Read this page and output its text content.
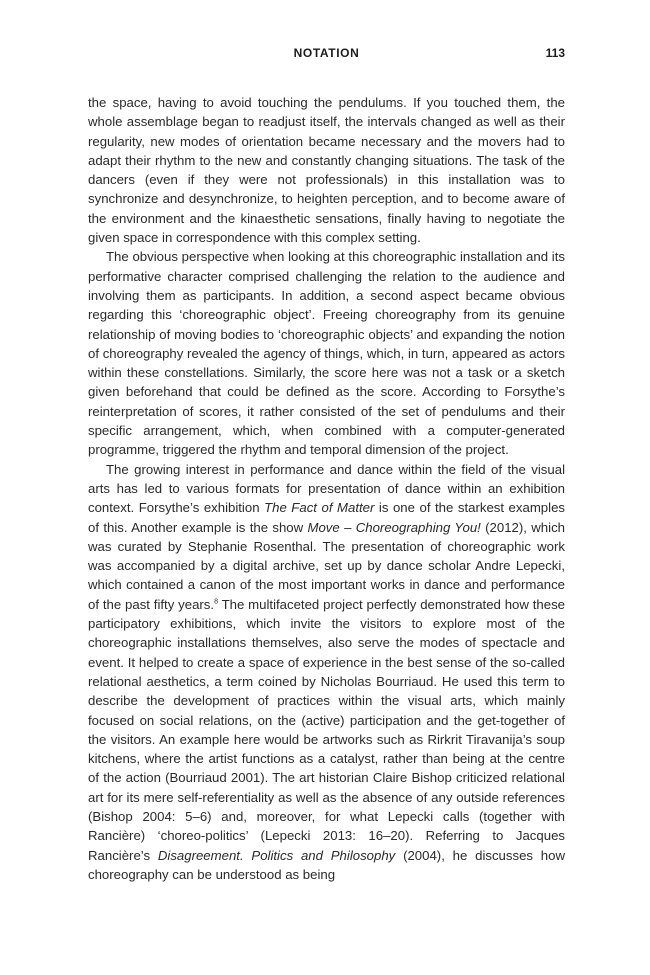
NOTATION	113

the space, having to avoid touching the pendulums. If you touched them, the whole assemblage began to readjust itself, the intervals changed as well as their regularity, new modes of orientation became necessary and the movers had to adapt their rhythm to the new and constantly changing situations. The task of the dancers (even if they were not professionals) in this installation was to synchronize and desynchronize, to heighten perception, and to become aware of the environment and the kinaesthetic sensations, finally having to negotiate the given space in correspondence with this complex setting.

The obvious perspective when looking at this choreographic installation and its performative character comprised challenging the relation to the audience and involving them as participants. In addition, a second aspect became obvious regarding this ‘choreographic object’. Freeing choreography from its genuine relationship of moving bodies to ‘choreographic objects’ and expanding the notion of choreography revealed the agency of things, which, in turn, appeared as actors within these constellations. Similarly, the score here was not a task or a sketch given beforehand that could be defined as the score. According to Forsythe’s reinterpretation of scores, it rather consisted of the set of pendulums and their specific arrangement, which, when combined with a computer-generated programme, triggered the rhythm and temporal dimension of the project.

The growing interest in performance and dance within the field of the visual arts has led to various formats for presentation of dance within an exhibition context. Forsythe’s exhibition The Fact of Matter is one of the starkest examples of this. Another example is the show Move – Choreographing You! (2012), which was curated by Stephanie Rosenthal. The presentation of choreographic work was accompanied by a digital archive, set up by dance scholar Andre Lepecki, which contained a canon of the most important works in dance and performance of the past fifty years.$^8$ The multifaceted project perfectly demonstrated how these participatory exhibitions, which invite the visitors to explore most of the choreographic installations themselves, also serve the modes of spectacle and event. It helped to create a space of experience in the best sense of the so-called relational aesthetics, a term coined by Nicholas Bourriaud. He used this term to describe the development of practices within the visual arts, which mainly focused on social relations, on the (active) participation and the get-together of the visitors. An example here would be artworks such as Rirkrit Tiravanija’s soup kitchens, where the artist functions as a catalyst, rather than being at the centre of the action (Bourriaud 2001). The art historian Claire Bishop criticized relational art for its mere self-referentiality as well as the absence of any outside references (Bishop 2004: 5–6) and, moreover, for what Lepecki calls (together with Rancière) ‘choreo-politics’ (Lepecki 2013: 16–20). Referring to Jacques Rancière’s Disagreement. Politics and Philosophy (2004), he discusses how choreography can be understood as being
